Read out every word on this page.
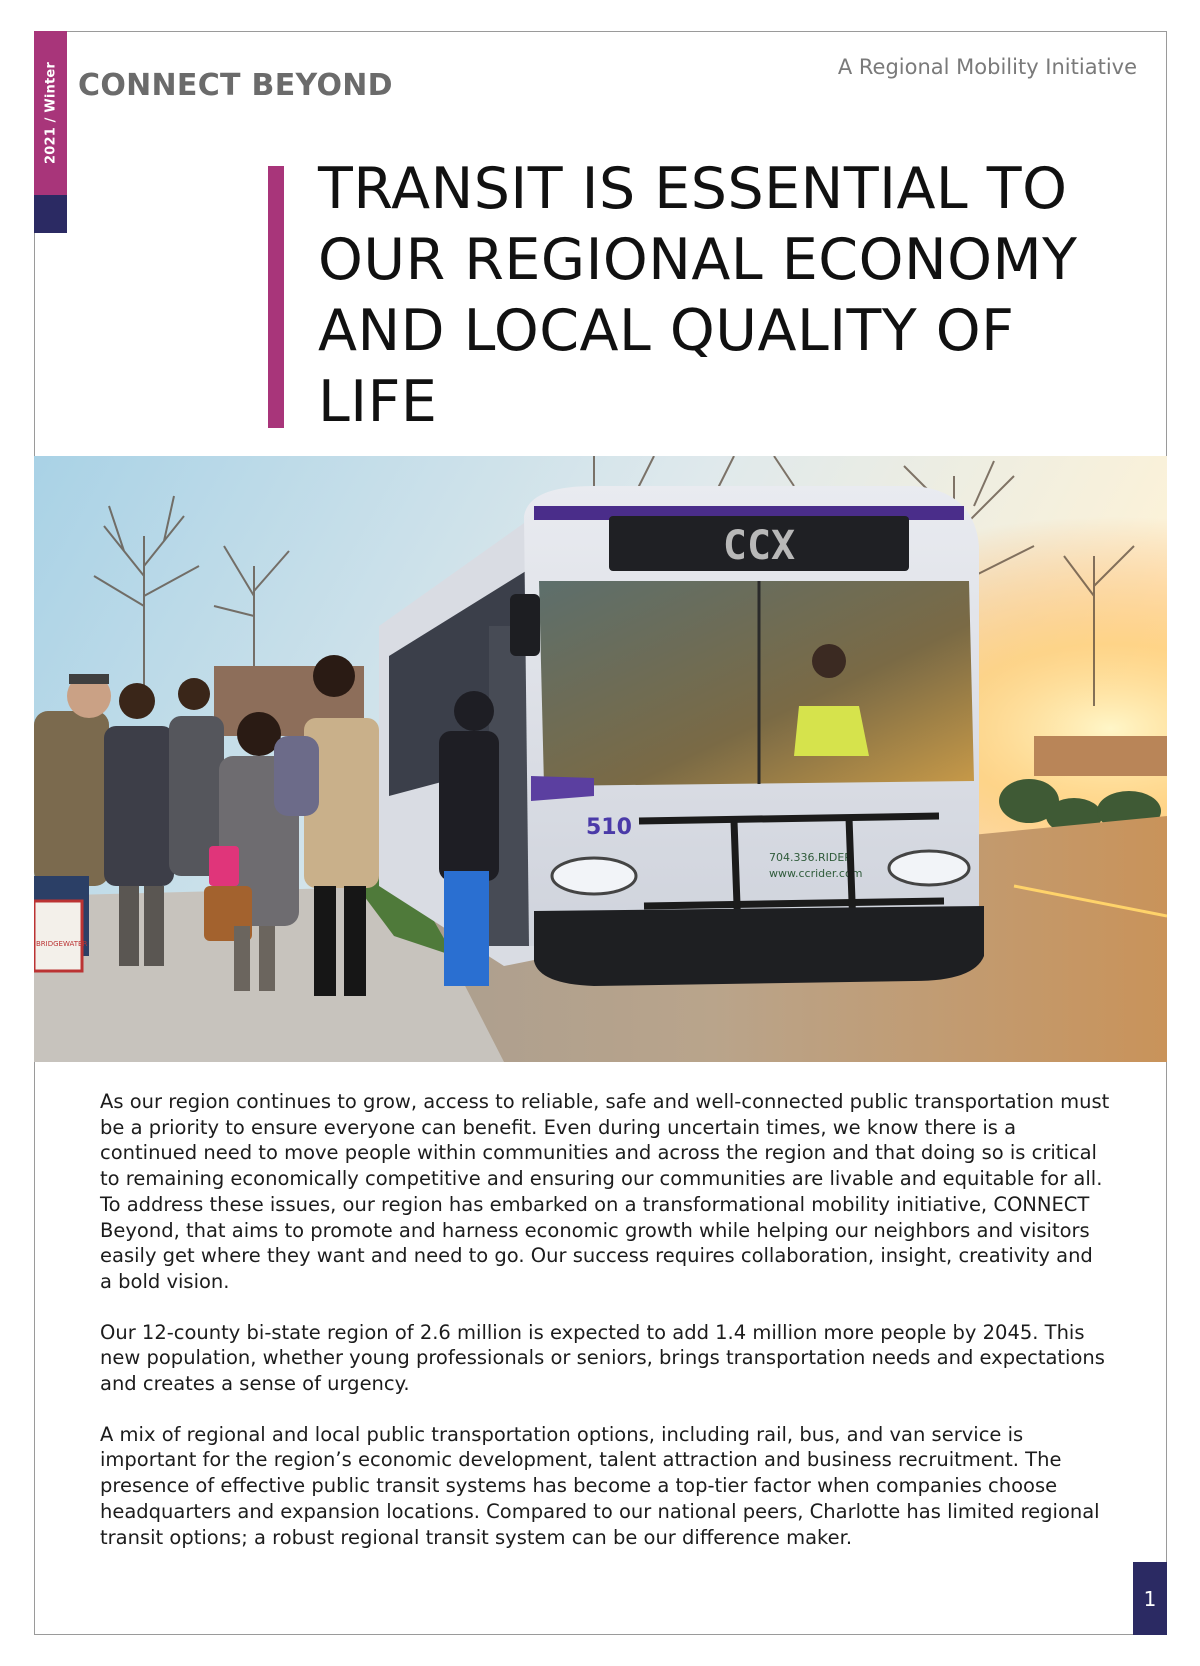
2021 / Winter CONNECT BEYOND
A Regional Mobility Initiative
TRANSIT IS ESSENTIAL TO OUR REGIONAL ECONOMY AND LOCAL QUALITY OF LIFE
CCX
510
704.336.RIDER
www.ccrider.com
BRIDGEWATER

As our region continues to grow, access to reliable, safe and well-connected public transportation must be a priority to ensure everyone can benefit. Even during uncertain times, we know there is a continued need to move people within communities and across the region and that doing so is critical to remaining economically competitive and ensuring our communities are livable and equitable for all. To address these issues, our region has embarked on a transformational mobility initiative, CONNECT Beyond, that aims to promote and harness economic growth while helping our neighbors and visitors easily get where they want and need to go. Our success requires collaboration, insight, creativity and a bold vision.

Our 12-county bi-state region of 2.6 million is expected to add 1.4 million more people by 2045. This new population, whether young professionals or seniors, brings transportation needs and expectations and creates a sense of urgency.

A mix of regional and local public transportation options, including rail, bus, and van service is important for the region’s economic development, talent attraction and business recruitment. The presence of effective public transit systems has become a top-tier factor when companies choose headquarters and expansion locations. Compared to our national peers, Charlotte has limited regional transit options; a robust regional transit system can be our difference maker.

1
